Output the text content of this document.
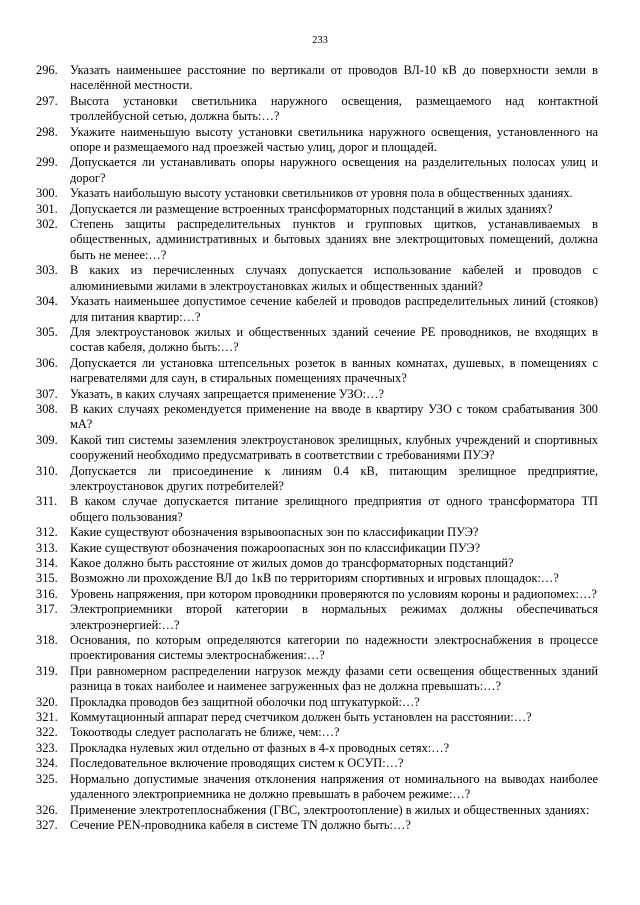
233
296. Указать наименьшее расстояние по вертикали от проводов ВЛ-10 кВ до поверхности земли в населённой местности.
297. Высота установки светильника наружного освещения, размещаемого над контактной троллейбусной сетью, должна быть:…?
298. Укажите наименьшую высоту установки светильника наружного освещения, установленного на опоре и размещаемого над проезжей частью улиц, дорог и площадей.
299. Допускается ли устанавливать опоры наружного освещения на разделительных полосах улиц и дорог?
300. Указать наибольшую высоту установки светильников от уровня пола в общественных зданиях.
301. Допускается ли размещение встроенных трансформаторных подстанций в жилых зданиях?
302. Степень защиты распределительных пунктов и групповых щитков, устанавливаемых в общественных, административных и бытовых зданиях вне электрощитовых помещений, должна быть не менее:…?
303. В каких из перечисленных случаях допускается использование кабелей и проводов с алюминиевыми жилами в электроустановках жилых и общественных зданий?
304. Указать наименьшее допустимое сечение кабелей и проводов распределительных линий (стояков) для питания квартир:…?
305. Для электроустановок жилых и общественных зданий сечение РЕ проводников, не входящих в состав кабеля, должно быть:…?
306. Допускается ли установка штепсельных розеток в ванных комнатах, душевых, в помещениях с нагревателями для саун, в стиральных помещениях прачечных?
307. Указать, в каких случаях запрещается применение УЗО:…?
308. В каких случаях рекомендуется применение на вводе в квартиру УЗО с током срабатывания 300 мА?
309. Какой тип системы заземления электроустановок зрелищных, клубных учреждений и спортивных сооружений необходимо предусматривать в соответствии с требованиями ПУЭ?
310. Допускается ли присоединение к линиям 0.4 кВ, питающим зрелищное предприятие, электроустановок других потребителей?
311. В каком случае допускается питание зрелищного предприятия от одного трансформатора ТП общего пользования?
312. Какие существуют обозначения взрывоопасных зон по классификации ПУЭ?
313. Какие существуют обозначения пожароопасных зон по классификации ПУЭ?
314. Какое должно быть расстояние от жилых домов до трансформаторных подстанций?
315. Возможно ли прохождение ВЛ до 1кВ по территориям спортивных и игровых площадок:…?
316. Уровень напряжения, при котором проводники проверяются по условиям короны и радиопомех:…?
317. Электроприемники второй категории в нормальных режимах должны обеспечиваться электроэнергией:…?
318. Основания, по которым определяются категории по надежности электроснабжения в процессе проектирования системы электроснабжения:…?
319. При равномерном распределении нагрузок между фазами сети освещения общественных зданий разница в токах наиболее и наименее загруженных фаз не должна превышать:…?
320. Прокладка проводов без защитной оболочки под штукатуркой:…?
321. Коммутационный аппарат перед счетчиком должен быть установлен на расстоянии:…?
322. Токоотводы следует располагать не ближе, чем:…?
323. Прокладка нулевых жил отдельно от фазных в 4-х проводных сетях:…?
324. Последовательное включение проводящих систем к ОСУП:…?
325. Нормально допустимые значения отклонения напряжения от номинального на выводах наиболее удаленного электроприемника не должно превышать в рабочем режиме:…?
326. Применение электротеплоснабжения (ГВС, электроотопление) в жилых и общественных зданиях:
327. Сечение PEN-проводника кабеля в системе TN должно быть:…?
